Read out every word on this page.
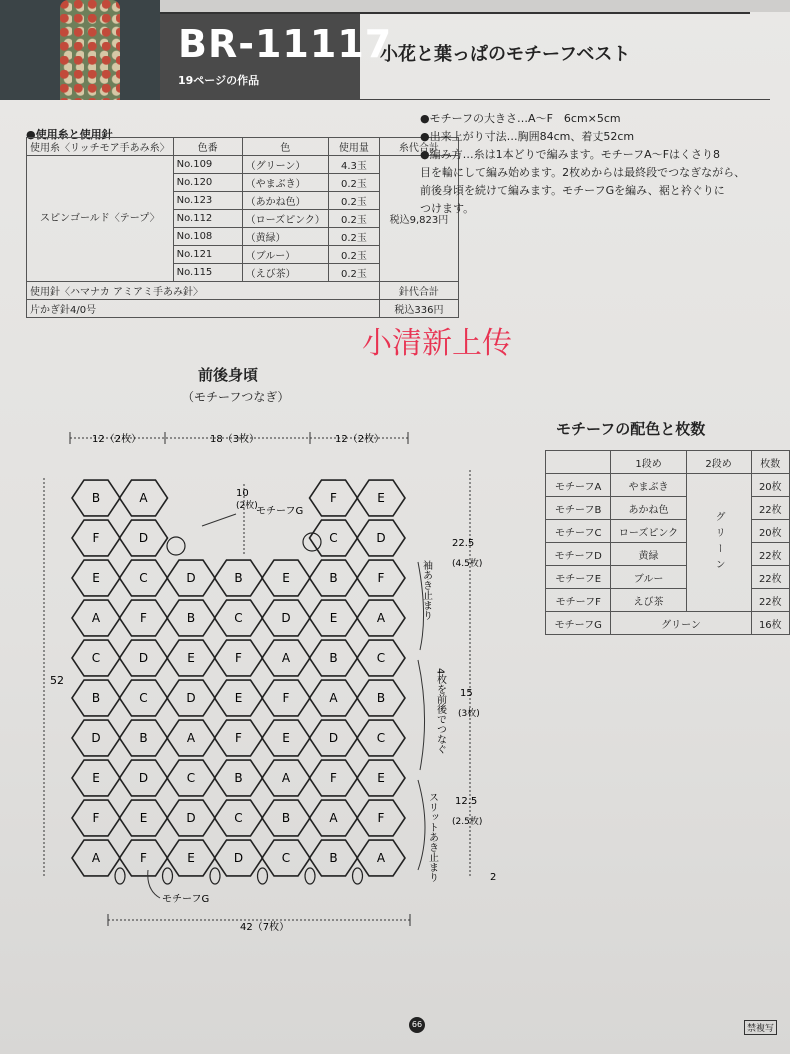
BR-11117
19ページの作品
小花と葉っぱのモチーフベスト
●使用糸と使用針
使用糸〈リッチモア手あみ糸〉	色番	色	使用量	糸代合計
スピンゴールド〈テープ〉	No.109	（グリーン）	4.3玉	税込9,823円
	No.120	（やまぶき）	0.2玉	
	No.123	（あかね色）	0.2玉	
	No.112	（ローズピンク）	0.2玉	
	No.108	（黄緑）	0.2玉	
	No.121	（ブルー）	0.2玉	
	No.115	（えび茶）	0.2玉	
使用針〈ハマナカ アミアミ手あみ針〉				針代合計
片かぎ針4/0号				税込336円
●モチーフの大きさ…A～F　6cm×5cm
●出来上がり寸法…胸囲84cm、着丈52cm
●編み方…糸は1本どりで編みます。モチーフA～Fはくさり8
目を輪にして編み始めます。2枚めからは最終段でつなぎながら、
前後身頃を続けて編みます。モチーフGを編み、裾と衿ぐりに
つけます。
小清新上传
前後身頃
（モチーフつなぎ）
B	A	F	E
F	D	C	D
E	C	D	B	E	B	F
A	F	B	C	D	E	A
C	D	E	F	A	B	C
B	C	D	E	F	A	B
D	B	A	F	E	D	C
E	D	C	B	A	F	E
F	E	D	C	B	A	F
A	F	E	D	C	B	A
12（2枚）	18（3枚）	12（2枚）
10
(2枚)
モチーフG
52
22.5
(4.5枚)
袖あき止まり
15
(3枚)
4枚を前後でつなぐ
12.5
(2.5枚)
スリットあき止まり	2
モチーフG
42（7枚）
モチーフの配色と枚数
	1段め	2段め	枚数
モチーフA	やまぶき	グリーン	20枚
モチーフB	あかね色		22枚
モチーフC	ローズピンク		20枚
モチーフD	黄緑		22枚
モチーフE	ブルー		22枚
モチーフF	えび茶		22枚
モチーフG	グリーン		16枚
66	禁複写
